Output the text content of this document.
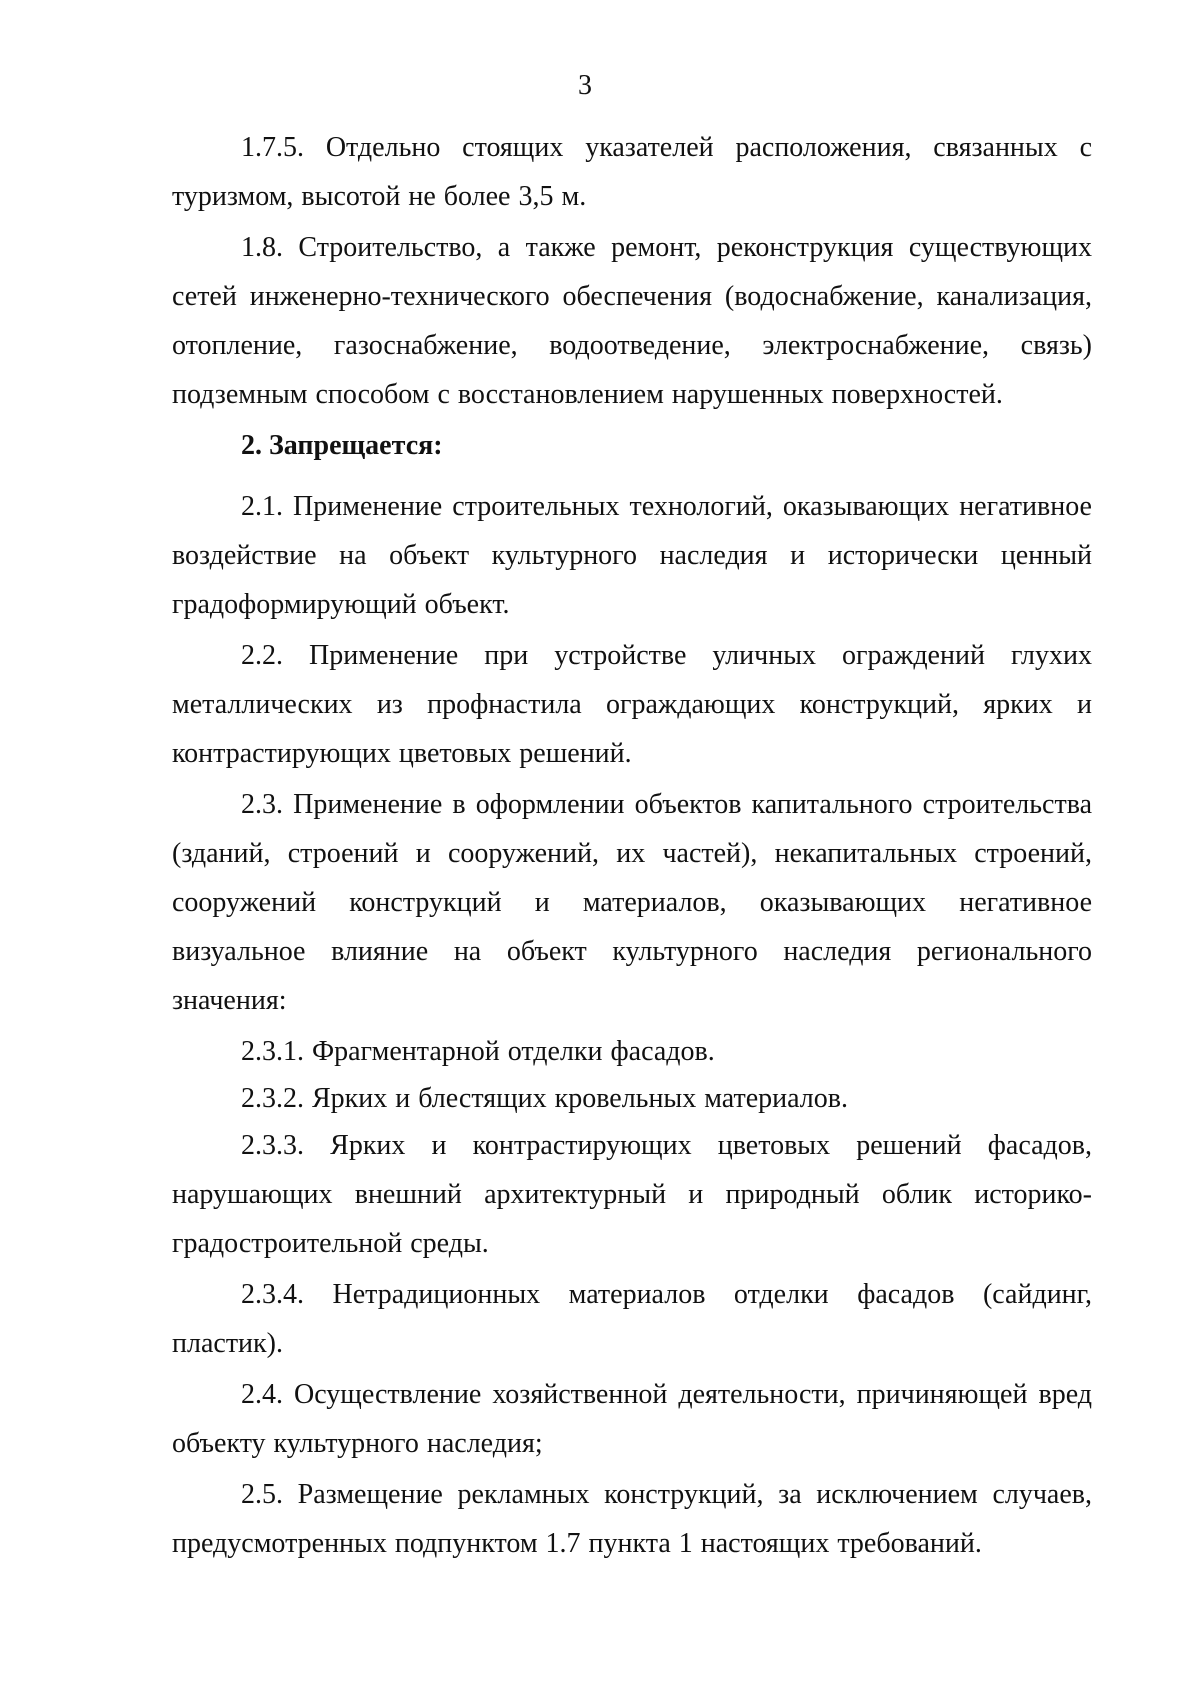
3

1.7.5. Отдельно стоящих указателей расположения, связанных с туризмом, высотой не более 3,5 м.

1.8. Строительство, а также ремонт, реконструкция существующих сетей инженерно-технического обеспечения (водоснабжение, канализация, отопление, газоснабжение, водоотведение, электроснабжение, связь) подземным способом с восстановлением нарушенных поверхностей.

2. Запрещается:

2.1. Применение строительных технологий, оказывающих негативное воздействие на объект культурного наследия и исторически ценный градоформирующий объект.

2.2. Применение при устройстве уличных ограждений глухих металлических из профнастила ограждающих конструкций, ярких и контрастирующих цветовых решений.

2.3. Применение в оформлении объектов капитального строительства (зданий, строений и сооружений, их частей), некапитальных строений, сооружений конструкций и материалов, оказывающих негативное визуальное влияние на объект культурного наследия регионального значения:

2.3.1. Фрагментарной отделки фасадов.

2.3.2. Ярких и блестящих кровельных материалов.

2.3.3. Ярких и контрастирующих цветовых решений фасадов, нарушающих внешний архитектурный и природный облик историко-градостроительной среды.

2.3.4. Нетрадиционных материалов отделки фасадов (сайдинг, пластик).

2.4. Осуществление хозяйственной деятельности, причиняющей вред объекту культурного наследия;

2.5. Размещение рекламных конструкций, за исключением случаев, предусмотренных подпунктом 1.7 пункта 1 настоящих требований.
